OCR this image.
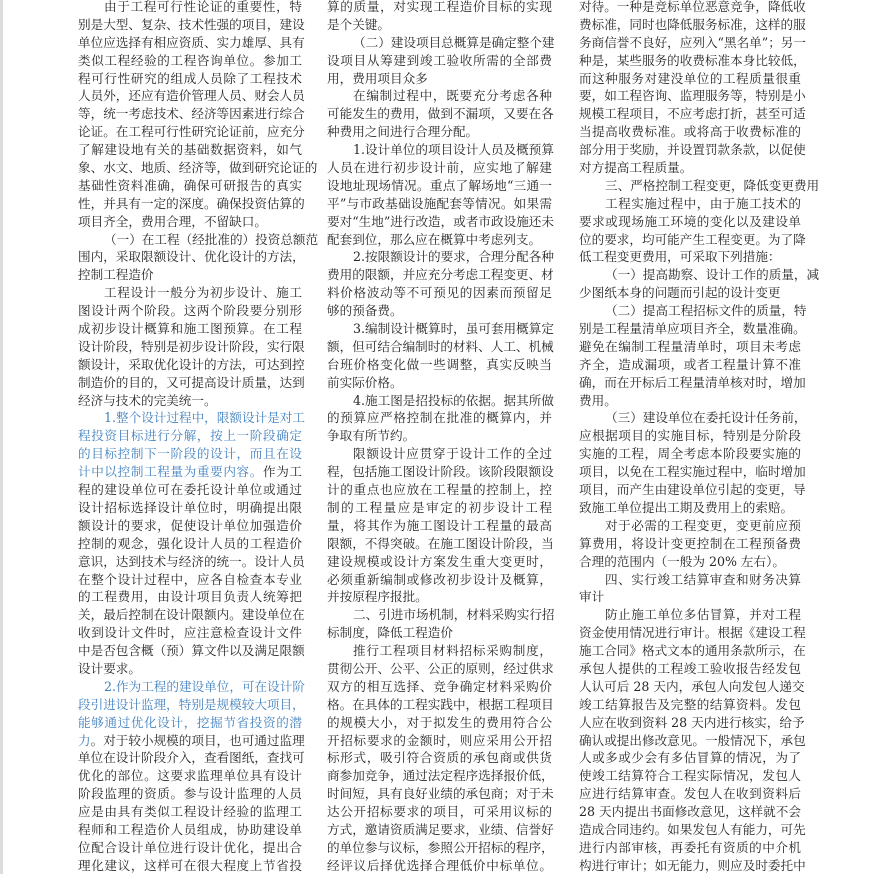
由于工程可行性论证的重要性，特
别是大型、复杂、技术性强的项目，建设
单位应选择有相应资质、实力雄厚、具有
类似工程经验的工程咨询单位。参加工
程可行性研究的组成人员除了工程技术
人员外，还应有造价管理人员、财会人员
等，统一考虑技术、经济等因素进行综合
论证。在工程可行性研究论证前，应充分
了解建设地有关的基础数据资料，如气
象、水文、地质、经济等，做到研究论证的
基础性资料准确，确保可研报告的真实
性，并具有一定的深度。确保投资估算的
项目齐全，费用合理，不留缺口。
（一）在工程（经批准的）投资总额范
围内，采取限额设计、优化设计的方法，
控制工程造价
工程设计一般分为初步设计、施工
图设计两个阶段。这两个阶段要分别形
成初步设计概算和施工图预算。在工程
设计阶段，特别是初步设计阶段，实行限
额设计，采取优化设计的方法，可达到控
制造价的目的，又可提高设计质量，达到
经济与技术的完美统一。
1.整个设计过程中，限额设计是对工
程投资目标进行分解，按上一阶段确定
的目标控制下一阶段的设计，而且在设
计中以控制工程量为重要内容。作为工
程的建设单位可在委托设计单位或通过
设计招标选择设计单位时，明确提出限
额设计的要求，促使设计单位加强造价
控制的观念，强化设计人员的工程造价
意识，达到技术与经济的统一。设计人员
在整个设计过程中，应各自检查本专业
的工程费用，由设计项目负责人统筹把
关，最后控制在设计限额内。建设单位在
收到设计文件时，应注意检查设计文件
中是否包含概（预）算文件以及满足限额
设计要求。
2.作为工程的建设单位，可在设计阶
段引进设计监理，特别是规模较大项目，
能够通过优化设计，挖掘节省投资的潜
力。对于较小规模的项目，也可通过监理
单位在设计阶段介入，查看图纸，查找可
优化的部位。这要求监理单位具有设计
阶段监理的资质。参与设计监理的人员
应是由具有类似工程设计经验的监理工
程师和工程造价人员组成，协助建设单
位配合设计单位进行设计优化，提出合
理化建议，这样可在很大程度上节省投
算的质量，对实现工程造价目标的实现
是个关键。
（二）建设项目总概算是确定整个建
设项目从筹建到竣工验收所需的全部费
用，费用项目众多
在编制过程中，既要充分考虑各种
可能发生的费用，做到不漏项，又要在各
种费用之间进行合理分配。
1.设计单位的项目设计人员及概预算
人员在进行初步设计前，应实地了解建
设地址现场情况。重点了解场地“三通一
平”与市政基础设施配套等情况。如果需
要对“生地”进行改造，或者市政设施还未
配套到位，那么应在概算中考虑列支。
2.按限额设计的要求，合理分配各种
费用的限额，并应充分考虑工程变更、材
料价格波动等不可预见的因素而预留足
够的预备费。
3.编制设计概算时，虽可套用概算定
额，但可结合编制时的材料、人工、机械
台班价格变化做一些调整，真实反映当
前实际价格。
4.施工图是招投标的依据。据其所做
的预算应严格控制在批准的概算内，并
争取有所节约。
限额设计应贯穿于设计工作的全过
程，包括施工图设计阶段。该阶段限额设
计的重点也应放在工程量的控制上，控
制的工程量应是审定的初步设计工程
量，将其作为施工图设计工程量的最高
限额，不得突破。在施工图设计阶段，当
建设规模或设计方案发生重大变更时，
必须重新编制或修改初步设计及概算，
并按原程序报批。
二、引进市场机制，材料采购实行招
标制度，降低工程造价
推行工程项目材料招标采购制度，
贯彻公开、公平、公正的原则，经过供求
双方的相互选择、竞争确定材料采购价
格。在具体的工程实践中，根据工程项目
的规模大小，对于拟发生的费用符合公
开招标要求的金额时，则应采用公开招
标形式，吸引符合资质的承包商或供货
商参加竞争，通过法定程序选择报价低，
时间短，具有良好业绩的承包商；对于未
达公开招标要求的项目，可采用议标的
方式，邀请资质满足要求，业绩、信誉好
的单位参与议标，参照公开招标的程序，
经评议后择优选择合理低价中标单位。
对待。一种是竞标单位恶意竞争，降低收
费标准，同时也降低服务标准，这样的服
务商信誉不良好，应列入“黑名单”；另一
种是，某些服务的收费标准本身比较低，
而这种服务对建没单位的工程质量很重
要，如工程咨询、监理服务等，特别是小
规模工程项目，不应考虑打折，甚至可适
当提高收费标准。或将高于收费标准的
部分用于奖励，并设置罚款条款，以促使
对方提高工程质量。
三、严格控制工程变更，降低变更费用
工程实施过程中，由于施工技术的
要求或现场施工环境的变化以及建设单
位的要求，均可能产生工程变更。为了降
低工程变更费用，可采取下列措施：
（一）提高勘察、设计工作的质量，减
少图纸本身的问题而引起的设计变更
（二）提高工程招标文件的质量，特
别是工程量清单应项目齐全，数量准确。
避免在编制工程量清单时，项目未考虑
齐全，造成漏项，或者工程量计算不准
确，而在开标后工程量清单核对时，增加
费用。
（三）建设单位在委托设计任务前，
应根据项目的实施目标，特别是分阶段
实施的工程，周全考虑本阶段要实施的
项目，以免在工程实施过程中，临时增加
项目，而产生由建设单位引起的变更，导
致施工单位提出工期及费用上的索赔。
对于必需的工程变更，变更前应预
算费用，将设计变更控制在工程预备费
合理的范围内（一般为 20% 左右）。
四、实行竣工结算审查和财务决算
审计
防止施工单位多估冒算，并对工程
资金使用情况进行审计。根据《建设工程
施工合同》格式文本的通用条款所示，在
承包人提供的工程竣工验收报告经发包
人认可后 28 天内，承包人向发包人递交
竣工结算报告及完整的结算资料。发包
人应在收到资料 28 天内进行核实，给予
确认或提出修改意见。一般情况下，承包
人或多或少会有多估冒算的情况，为了
使竣工结算符合工程实际情况，发包人
应进行结算审查。发包人在收到资料后
28 天内提出书面修改意见，这样就不会
造成合同违约。如果发包人有能力，可先
进行内部审核，再委托有资质的中介机
构进行审计；如无能力，则应及时委托中
